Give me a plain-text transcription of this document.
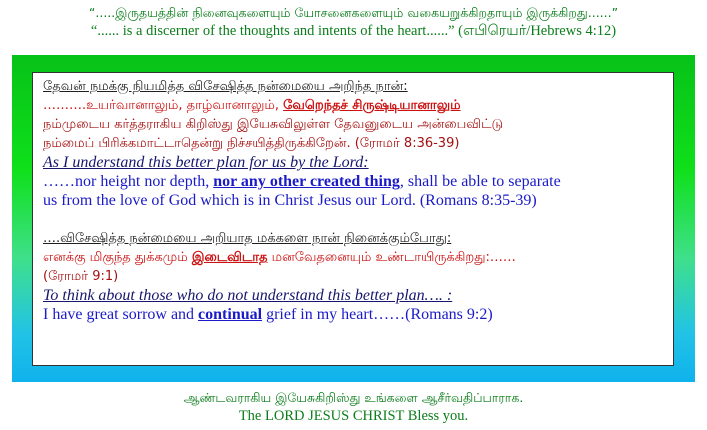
“.....இருதயத்தின் நினைவுகளையும் யோசனைகளையும் வகையறுக்கிறதாயும் இருக்கிறது......”
“...... is a discerner of the thoughts and intents of the heart......” (எபிரெயர்/Hebrews 4:12)
தேவன் நமக்கு நியமித்த விசேஷித்த நன்மையை அறிந்த நான்:
……….உயர்வானாலும், தாழ்வானாலும், வேறெந்தச் சிருஷ்டியானாலும்
நம்முடைய கர்த்தராகிய கிறிஸ்து இயேசுவிலுள்ள தேவனுடைய அன்பைவிட்டு
நம்மைப் பிரிக்கமாட்டாதென்று நிச்சயித்திருக்கிறேன். (ரோமர் 8:36-39)
As I understand this better plan for us by the Lord:
……nor height nor depth, nor any other created thing, shall be able to separate
us from the love of God which is in Christ Jesus our Lord. (Romans 8:35-39)
….விசேஷித்த நன்மையை அறியாத மக்களை நான் நினைக்கும்போது:
எனக்கு மிகுந்த துக்கமும் இடைவிடாத மனவேதனையும் உண்டாயிருக்கிறது:……
(ரோமர் 9:1)
To think about those who do not understand this better plan…. :
I have great sorrow and continual grief in my heart……(Romans 9:2)
ஆண்டவராகிய இயேசுகிறிஸ்து உங்களை ஆசீர்வதிப்பாராக.
The LORD JESUS CHRIST Bless you.
